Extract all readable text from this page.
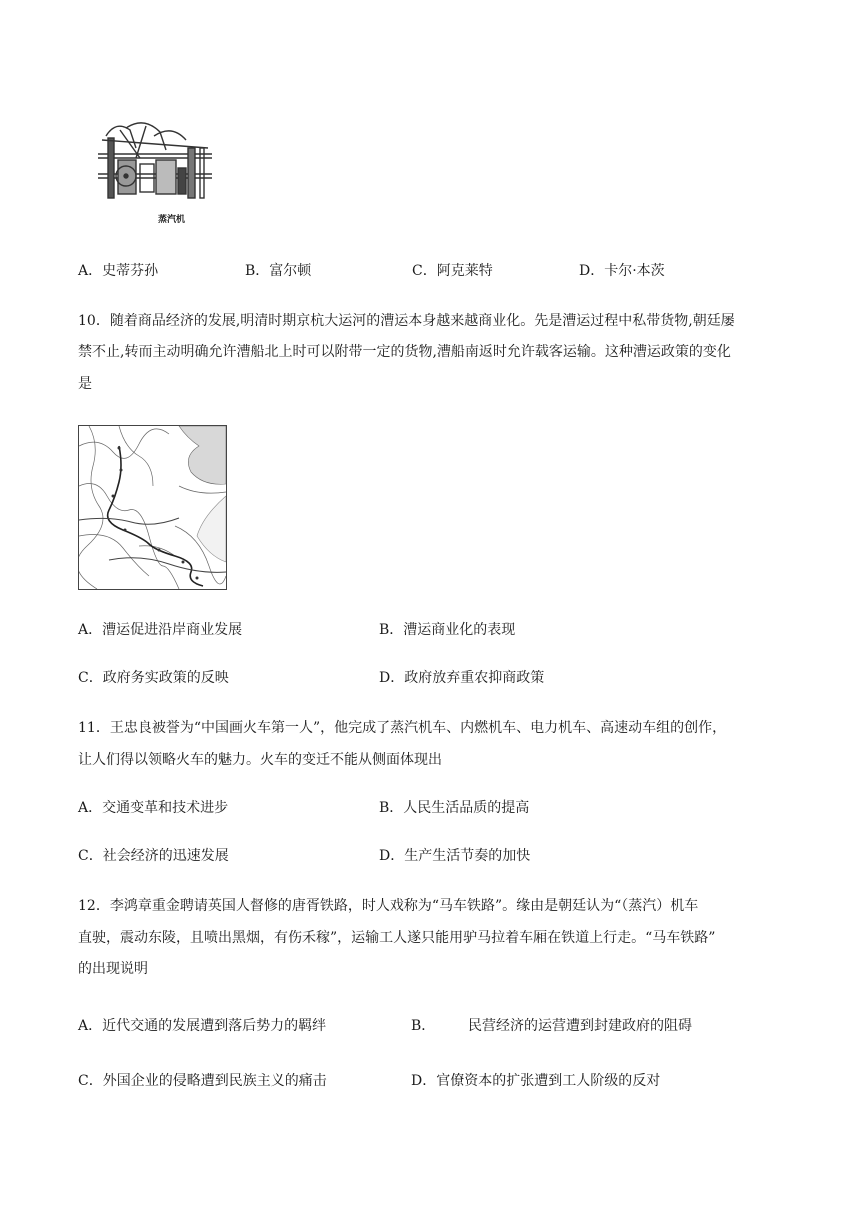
蒸汽机
A．史蒂芬孙	B．富尔顿	C．阿克莱特	D．卡尔·本茨
10．随着商品经济的发展,明清时期京杭大运河的漕运本身越来越商业化。先是漕运过程中私带货物,朝廷屡
禁不止,转而主动明确允许漕船北上时可以附带一定的货物,漕船南返时允许载客运输。这种漕运政策的变化
是
A．漕运促进沿岸商业发展	B．漕运商业化的表现
C．政府务实政策的反映	D．政府放弃重农抑商政策
11．王忠良被誉为“中国画火车第一人”，他完成了蒸汽机车、内燃机车、电力机车、高速动车组的创作，
让人们得以领略火车的魅力。火车的变迁不能从侧面体现出
A．交通变革和技术进步	B．人民生活品质的提高
C．社会经济的迅速发展	D．生产生活节奏的加快
12．李鸿章重金聘请英国人督修的唐胥铁路，时人戏称为“马车铁路”。缘由是朝廷认为“（蒸汽）机车
直驶，震动东陵，且喷出黑烟，有伤禾稼”，运输工人遂只能用驴马拉着车厢在铁道上行走。“马车铁路”
的出现说明
A．近代交通的发展遭到落后势力的羁绊	B． 民营经济的运营遭到封建政府的阻碍
C．外国企业的侵略遭到民族主义的痛击	D．官僚资本的扩张遭到工人阶级的反对
